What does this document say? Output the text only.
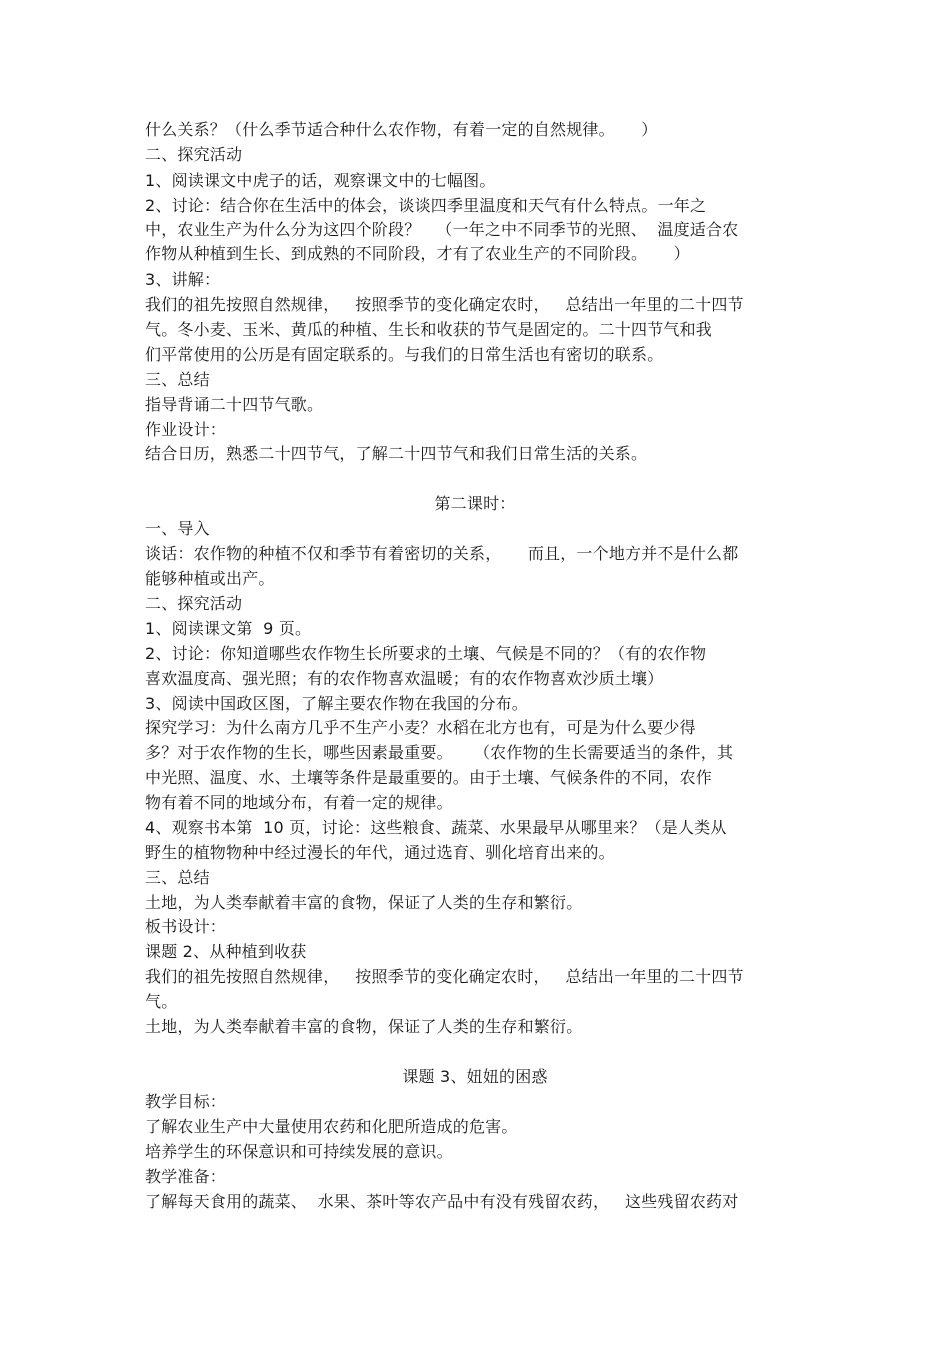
什么关系？（什么季节适合种什么农作物，有着一定的自然规律。     ）
二、探究活动
1、阅读课文中虎子的话，观察课文中的七幅图。
2、讨论：结合你在生活中的体会，谈谈四季里温度和天气有什么特点。一年之
中，农业生产为什么分为这四个阶段？   （一年之中不同季节的光照、  温度适合农
作物从种植到生长、到成熟的不同阶段，才有了农业生产的不同阶段。     ）
3、讲解：
我们的祖先按照自然规律，   按照季节的变化确定农时，   总结出一年里的二十四节
气。冬小麦、玉米、黄瓜的种植、生长和收获的节气是固定的。二十四节气和我
们平常使用的公历是有固定联系的。与我们的日常生活也有密切的联系。
三、总结
指导背诵二十四节气歌。
作业设计：
结合日历，熟悉二十四节气，了解二十四节气和我们日常生活的关系。
第二课时：
一、导入
谈话：农作物的种植不仅和季节有着密切的关系，     而且，一个地方并不是什么都
能够种植或出产。
二、探究活动
1、阅读课文第  9 页。
2、讨论：你知道哪些农作物生长所要求的土壤、气候是不同的？（有的农作物
喜欢温度高、强光照；有的农作物喜欢温暖；有的农作物喜欢沙质土壤）
3、阅读中国政区图，了解主要农作物在我国的分布。
探究学习：为什么南方几乎不生产小麦？水稻在北方也有，可是为什么要少得
多？对于农作物的生长，哪些因素最重要。    （农作物的生长需要适当的条件，其
中光照、温度、水、土壤等条件是最重要的。由于土壤、气候条件的不同，农作
物有着不同的地域分布，有着一定的规律。
4、观察书本第  10 页，讨论：这些粮食、蔬菜、水果最早从哪里来？（是人类从
野生的植物物种中经过漫长的年代，通过选育、驯化培育出来的。
三、总结
土地，为人类奉献着丰富的食物，保证了人类的生存和繁衍。
板书设计：
课题 2、从种植到收获
我们的祖先按照自然规律，   按照季节的变化确定农时，   总结出一年里的二十四节
气。
土地，为人类奉献着丰富的食物，保证了人类的生存和繁衍。
课题 3、妞妞的困惑
教学目标：
了解农业生产中大量使用农药和化肥所造成的危害。
培养学生的环保意识和可持续发展的意识。
教学准备：
了解每天食用的蔬菜、  水果、茶叶等农产品中有没有残留农药，   这些残留农药对
